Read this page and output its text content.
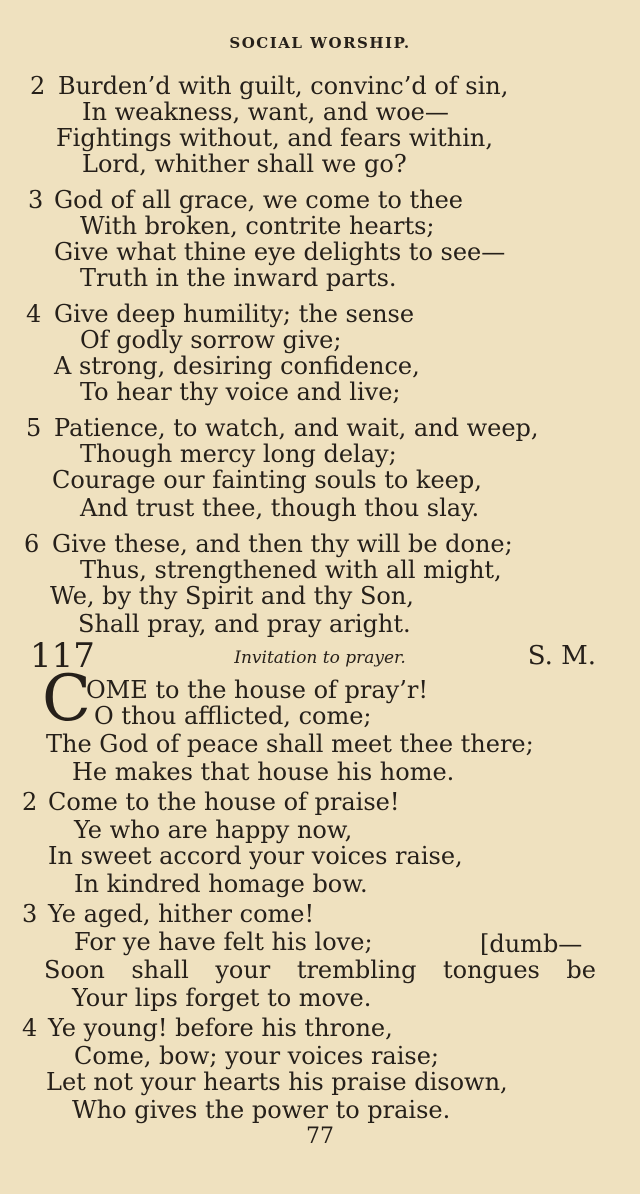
SOCIAL WORSHIP.
2 Burden’d with guilt, convinc’d of sin,
In weakness, want, and woe—
Fightings without, and fears within,
Lord, whither shall we go?
3 God of all grace, we come to thee
With broken, contrite hearts;
Give what thine eye delights to see—
Truth in the inward parts.
4 Give deep humility; the sense
Of godly sorrow give;
A strong, desiring confidence,
To hear thy voice and live;
5 Patience, to watch, and wait, and weep,
Though mercy long delay;
Courage our fainting souls to keep,
And trust thee, though thou slay.
6 Give these, and then thy will be done;
Thus, strengthened with all might,
We, by thy Spirit and thy Son,
Shall pray, and pray aright.
117	Invitation to prayer.	S. M.
C
OME to the house of pray’r!
O thou afflicted, come;
The God of peace shall meet thee there;
He makes that house his home.
2 Come to the house of praise!
Ye who are happy now,
In sweet accord your voices raise,
In kindred homage bow.
3 Ye aged, hither come!
For ye have felt his love;	[dumb—
Soon shall your trembling tongues be
Your lips forget to move.
4 Ye young! before his throne,
Come, bow; your voices raise;
Let not your hearts his praise disown,
Who gives the power to praise.
77
